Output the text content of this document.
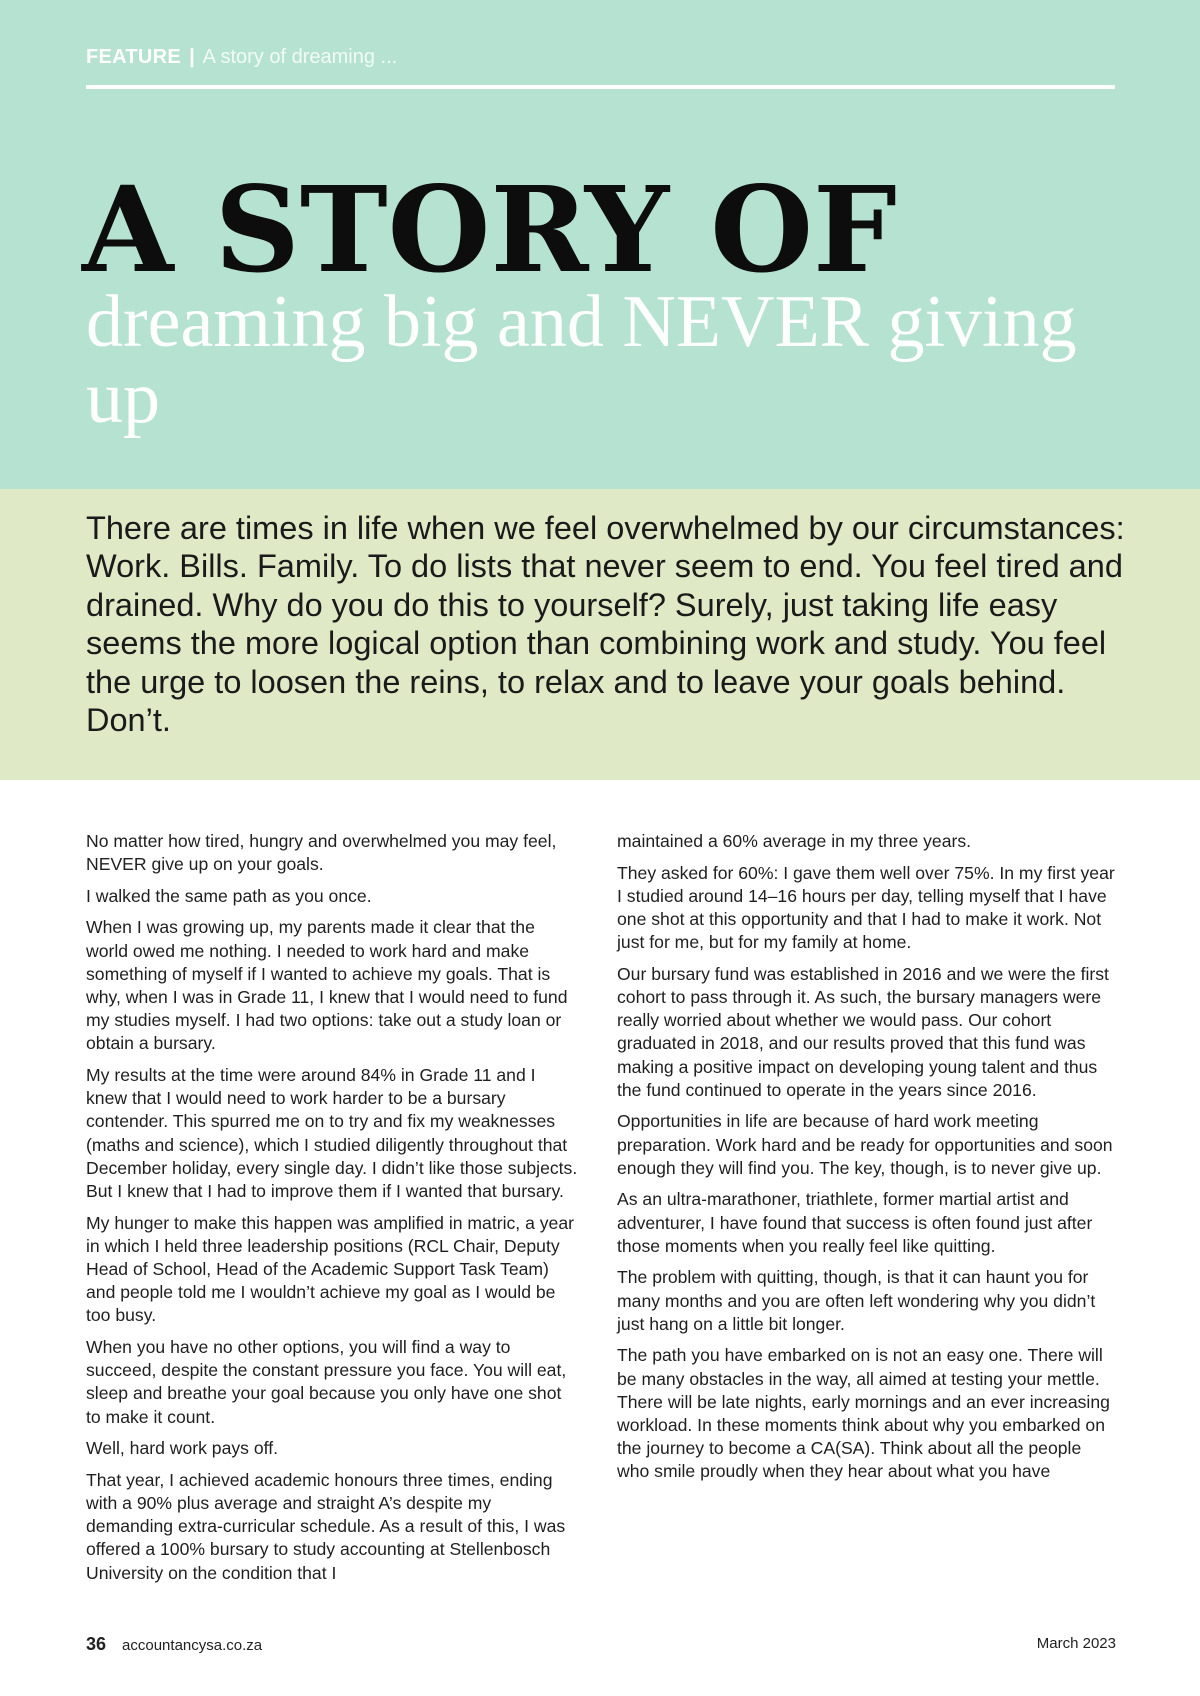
FEATURE | A story of dreaming ...
A STORY OF
dreaming big and NEVER giving up

There are times in life when we feel overwhelmed by our circumstances: Work. Bills. Family. To do lists that never seem to end. You feel tired and drained. Why do you do this to yourself? Surely, just taking life easy seems the more logical option than combining work and study. You feel the urge to loosen the reins, to relax and to leave your goals behind. Don’t.

No matter how tired, hungry and overwhelmed you may feel, NEVER give up on your goals.

I walked the same path as you once.

When I was growing up, my parents made it clear that the world owed me nothing. I needed to work hard and make something of myself if I wanted to achieve my goals. That is why, when I was in Grade 11, I knew that I would need to fund my studies myself. I had two options: take out a study loan or obtain a bursary.

My results at the time were around 84% in Grade 11 and I knew that I would need to work harder to be a bursary contender. This spurred me on to try and fix my weaknesses (maths and science), which I studied diligently throughout that December holiday, every single day. I didn’t like those subjects. But I knew that I had to improve them if I wanted that bursary.

My hunger to make this happen was amplified in matric, a year in which I held three leadership positions (RCL Chair, Deputy Head of School, Head of the Academic Support Task Team) and people told me I wouldn’t achieve my goal as I would be too busy.

When you have no other options, you will find a way to succeed, despite the constant pressure you face. You will eat, sleep and breathe your goal because you only have one shot to make it count.

Well, hard work pays off.

That year, I achieved academic honours three times, ending with a 90% plus average and straight A’s despite my demanding extra-curricular schedule. As a result of this, I was offered a 100% bursary to study accounting at Stellenbosch University on the condition that I

maintained a 60% average in my three years.

They asked for 60%: I gave them well over 75%. In my first year I studied around 14–16 hours per day, telling myself that I have one shot at this opportunity and that I had to make it work. Not just for me, but for my family at home.

Our bursary fund was established in 2016 and we were the first cohort to pass through it. As such, the bursary managers were really worried about whether we would pass. Our cohort graduated in 2018, and our results proved that this fund was making a positive impact on developing young talent and thus the fund continued to operate in the years since 2016.

Opportunities in life are because of hard work meeting preparation. Work hard and be ready for opportunities and soon enough they will find you. The key, though, is to never give up.

As an ultra-marathoner, triathlete, former martial artist and adventurer, I have found that success is often found just after those moments when you really feel like quitting.

The problem with quitting, though, is that it can haunt you for many months and you are often left wondering why you didn’t just hang on a little bit longer.

The path you have embarked on is not an easy one. There will be many obstacles in the way, all aimed at testing your mettle. There will be late nights, early mornings and an ever increasing workload. In these moments think about why you embarked on the journey to become a CA(SA). Think about all the people who smile proudly when they hear about what you have

36 accountancysa.co.za	March 2023
